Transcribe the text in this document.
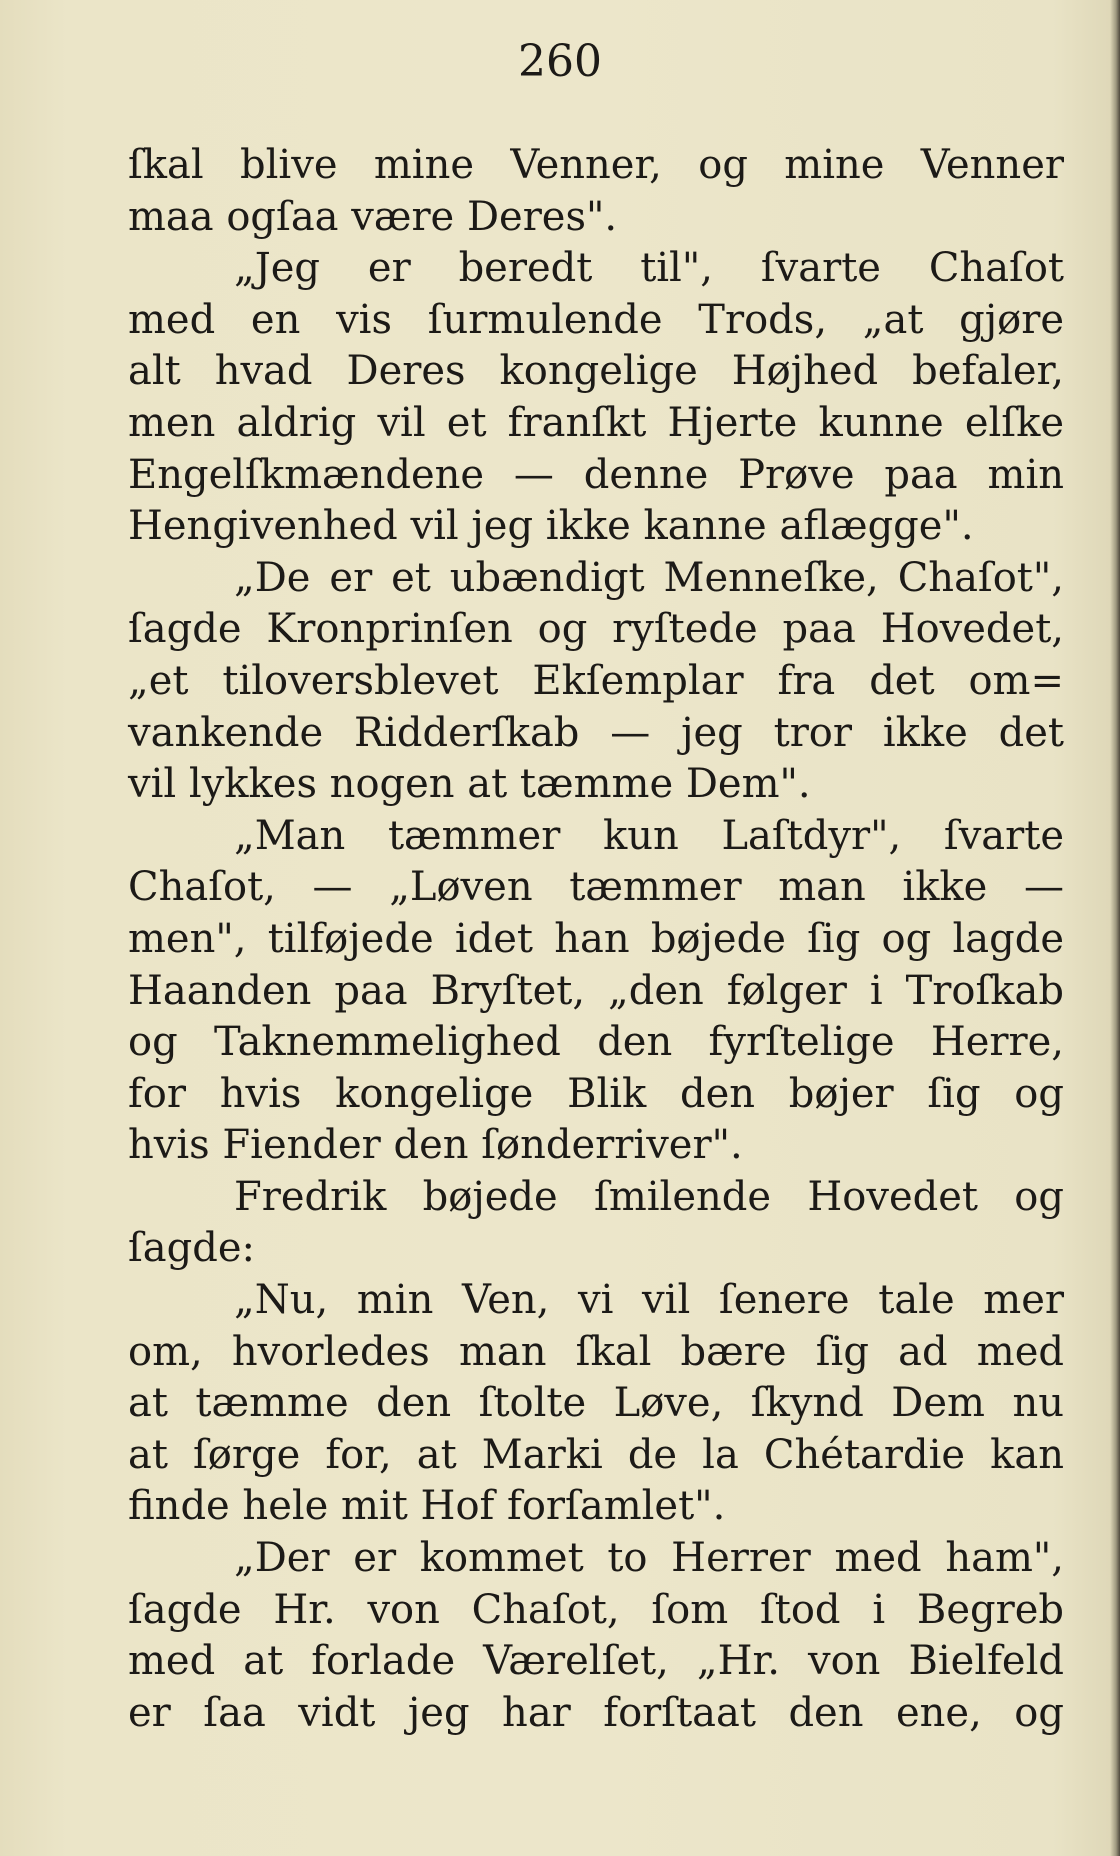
260
ſkal blive mine Venner, og mine Venner
maa ogſaa være Deres".
„Jeg er beredt til", ſvarte Chaſot
med en vis ſurmulende Trods, „at gjøre
alt hvad Deres kongelige Højhed befaler,
men aldrig vil et franſkt Hjerte kunne elſke
Engelſkmændene — denne Prøve paa min
Hengivenhed vil jeg ikke kanne aflægge".
„De er et ubændigt Menneſke, Chaſot",
ſagde Kronprinſen og ryſtede paa Hovedet,
„et tiloversblevet Ekſemplar fra det om=
vankende Ridderſkab — jeg tror ikke det
vil lykkes nogen at tæmme Dem".
„Man tæmmer kun Laſtdyr", ſvarte
Chaſot, — „Løven tæmmer man ikke —
men", tilføjede idet han bøjede ſig og lagde
Haanden paa Bryſtet, „den følger i Troſkab
og Taknemmelighed den fyrſtelige Herre,
for hvis kongelige Blik den bøjer ſig og
hvis Fiender den ſønderriver".
Fredrik bøjede ſmilende Hovedet og
ſagde:
„Nu, min Ven, vi vil ſenere tale mer
om, hvorledes man ſkal bære ſig ad med
at tæmme den ſtolte Løve, ſkynd Dem nu
at ſørge for, at Marki de la Chétardie kan
finde hele mit Hof forſamlet".
„Der er kommet to Herrer med ham",
ſagde Hr. von Chaſot, ſom ſtod i Begreb
med at forlade Værelſet, „Hr. von Bielfeld
er ſaa vidt jeg har forſtaat den ene, og
